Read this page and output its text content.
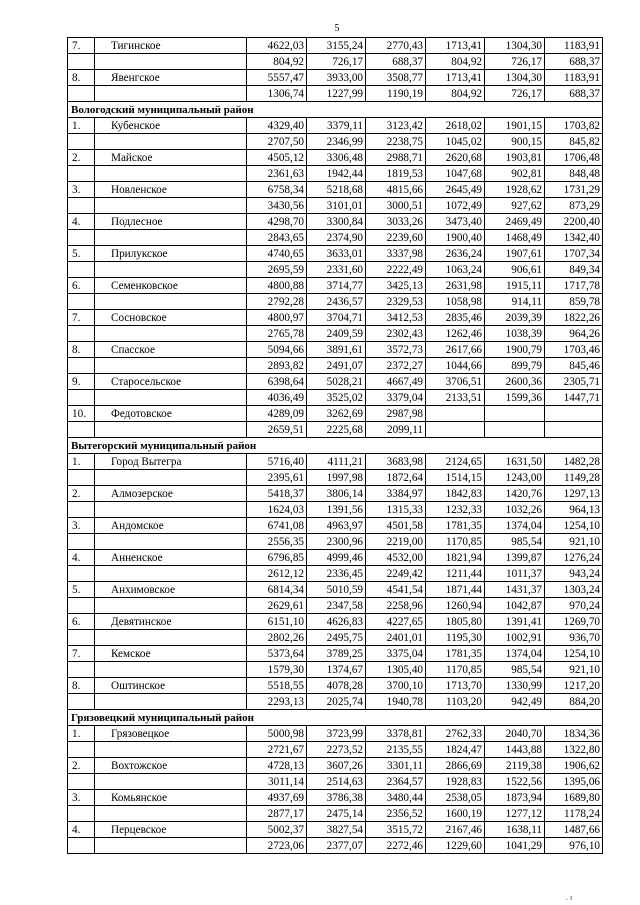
5
7.	Тигинское	4622,03	3155,24	2770,43	1713,41	1304,30	1183,91
		804,92	726,17	688,37	804,92	726,17	688,37
8.	Явенгское	5557,47	3933,00	3508,77	1713,41	1304,30	1183,91
		1306,74	1227,99	1190,19	804,92	726,17	688,37
Вологодский муниципальный район							
1.	Кубенское	4329,40	3379,11	3123,42	2618,02	1901,15	1703,82
		2707,50	2346,99	2238,75	1045,02	900,15	845,82
2.	Майское	4505,12	3306,48	2988,71	2620,68	1903,81	1706,48
		2361,63	1942,44	1819,53	1047,68	902,81	848,48
3.	Новленское	6758,34	5218,68	4815,66	2645,49	1928,62	1731,29
		3430,56	3101,01	3000,51	1072,49	927,62	873,29
4.	Подлесное	4298,70	3300,84	3033,26	3473,40	2469,49	2200,40
		2843,65	2374,90	2239,60	1900,40	1468,49	1342,40
5.	Прилукское	4740,65	3633,01	3337,98	2636,24	1907,61	1707,34
		2695,59	2331,60	2222,49	1063,24	906,61	849,34
6.	Семенковское	4800,88	3714,77	3425,13	2631,98	1915,11	1717,78
		2792,28	2436,57	2329,53	1058,98	914,11	859,78
7.	Сосновское	4800,97	3704,71	3412,53	2835,46	2039,39	1822,26
		2765,78	2409,59	2302,43	1262,46	1038,39	964,26
8.	Спасское	5094,66	3891,61	3572,73	2617,66	1900,79	1703,46
		2893,82	2491,07	2372,27	1044,66	899,79	845,46
9.	Старосельское	6398,64	5028,21	4667,49	3706,51	2600,36	2305,71
		4036,49	3525,02	3379,04	2133,51	1599,36	1447,71
10.	Федотовское	4289,09	3262,69	2987,98			
		2659,51	2225,68	2099,11			
Вытегорский муниципальный район							
1.	Город Вытегра	5716,40	4111,21	3683,98	2124,65	1631,50	1482,28
		2395,61	1997,98	1872,64	1514,15	1243,00	1149,28
2.	Алмозерское	5418,37	3806,14	3384,97	1842,83	1420,76	1297,13
		1624,03	1391,56	1315,33	1232,33	1032,26	964,13
3.	Андомское	6741,08	4963,97	4501,58	1781,35	1374,04	1254,10
		2556,35	2300,96	2219,00	1170,85	985,54	921,10
4.	Анненское	6796,85	4999,46	4532,00	1821,94	1399,87	1276,24
		2612,12	2336,45	2249,42	1211,44	1011,37	943,24
5.	Анхимовское	6814,34	5010,59	4541,54	1871,44	1431,37	1303,24
		2629,61	2347,58	2258,96	1260,94	1042,87	970,24
6.	Девятинское	6151,10	4626,83	4227,65	1805,80	1391,41	1269,70
		2802,26	2495,75	2401,01	1195,30	1002,91	936,70
7.	Кемское	5373,64	3789,25	3375,04	1781,35	1374,04	1254,10
		1579,30	1374,67	1305,40	1170,85	985,54	921,10
8.	Оштинское	5518,55	4078,28	3700,10	1713,70	1330,99	1217,20
		2293,13	2025,74	1940,78	1103,20	942,49	884,20
Грязовецкий муниципальный район							
1.	Грязовецкое	5000,98	3723,99	3378,81	2762,33	2040,70	1834,36
		2721,67	2273,52	2135,55	1824,47	1443,88	1322,80
2.	Вохтожское	4728,13	3607,26	3301,11	2866,69	2119,38	1906,62
		3011,14	2514,63	2364,57	1928,83	1522,56	1395,06
3.	Комьянское	4937,69	3786,38	3480,44	2538,05	1873,94	1689,80
		2877,17	2475,14	2356,52	1600,19	1277,12	1178,24
4.	Перцевское	5002,37	3827,54	3515,72	2167,46	1638,11	1487,66
		2723,06	2377,07	2272,46	1229,60	1041,29	976,10
. ı
